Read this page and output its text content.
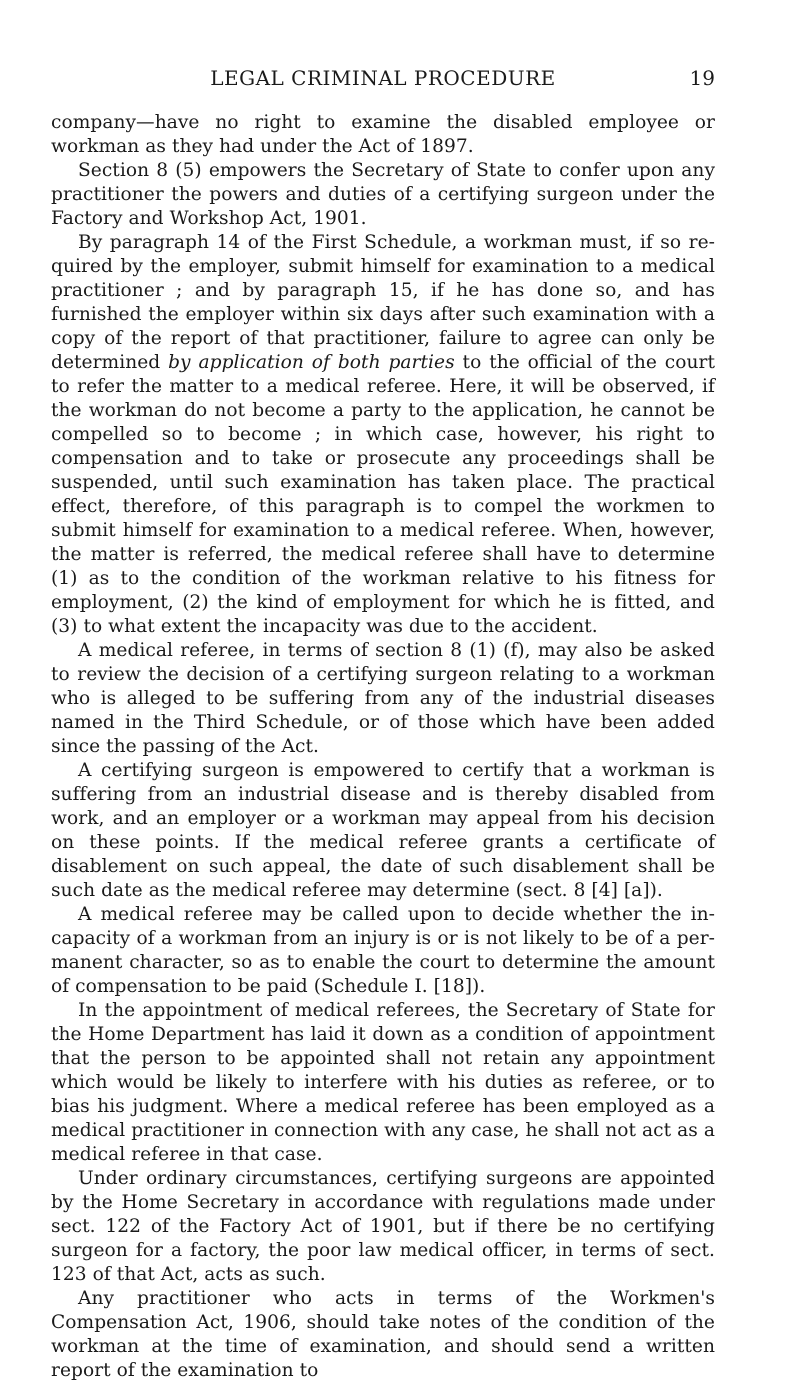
LEGAL CRIMINAL PROCEDURE	19

company—have no right to examine the disabled employee or workman as they had under the Act of 1897.

Section 8 (5) empowers the Secretary of State to confer upon any practitioner the powers and duties of a certifying surgeon under the Factory and Workshop Act, 1901.

By paragraph 14 of the First Schedule, a workman must, if so re-quired by the employer, submit himself for examination to a medical practitioner ; and by paragraph 15, if he has done so, and has furnished the employer within six days after such examination with a copy of the report of that practitioner, failure to agree can only be determined by application of both parties to the official of the court to refer the matter to a medical referee. Here, it will be observed, if the workman do not become a party to the application, he cannot be compelled so to become ; in which case, however, his right to compensation and to take or prosecute any proceedings shall be suspended, until such examination has taken place. The practical effect, therefore, of this paragraph is to compel the workmen to submit himself for examination to a medical referee. When, however, the matter is referred, the medical referee shall have to determine (1) as to the condition of the workman relative to his fitness for employment, (2) the kind of employment for which he is fitted, and (3) to what extent the incapacity was due to the accident.

A medical referee, in terms of section 8 (1) (f), may also be asked to review the decision of a certifying surgeon relating to a workman who is alleged to be suffering from any of the industrial diseases named in the Third Schedule, or of those which have been added since the passing of the Act.

A certifying surgeon is empowered to certify that a workman is suffering from an industrial disease and is thereby disabled from work, and an employer or a workman may appeal from his decision on these points. If the medical referee grants a certificate of disablement on such appeal, the date of such disablement shall be such date as the medical referee may determine (sect. 8 [4] [a]).

A medical referee may be called upon to decide whether the in-capacity of a workman from an injury is or is not likely to be of a per-manent character, so as to enable the court to determine the amount of compensation to be paid (Schedule I. [18]).

In the appointment of medical referees, the Secretary of State for the Home Department has laid it down as a condition of appointment that the person to be appointed shall not retain any appointment which would be likely to interfere with his duties as referee, or to bias his judgment. Where a medical referee has been employed as a medical practitioner in connection with any case, he shall not act as a medical referee in that case.

Under ordinary circumstances, certifying surgeons are appointed by the Home Secretary in accordance with regulations made under sect. 122 of the Factory Act of 1901, but if there be no certifying surgeon for a factory, the poor law medical officer, in terms of sect. 123 of that Act, acts as such.

Any practitioner who acts in terms of the Workmen's Compensation Act, 1906, should take notes of the condition of the workman at the time of examination, and should send a written report of the examination to
